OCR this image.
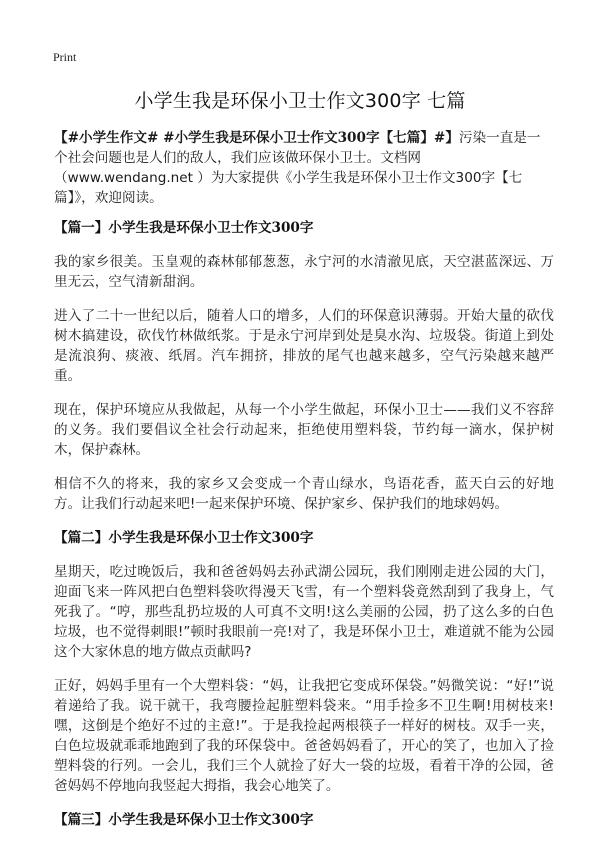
Print
小学生我是环保小卫士作文300字 七篇

【#小学生作文# #小学生我是环保小卫士作文300字【七篇】#】污染一直是一个社会问题也是人们的敌人，我们应该做环保小卫士。文档网（www.wendang.net ）为大家提供《小学生我是环保小卫士作文300字【七篇】》，欢迎阅读。

【篇一】小学生我是环保小卫士作文300字

我的家乡很美。玉皇观的森林郁郁葱葱，永宁河的水清澈见底，天空湛蓝深远、万里无云，空气清新甜润。

进入了二十一世纪以后，随着人口的增多，人们的环保意识薄弱。开始大量的砍伐树木搞建设，砍伐竹林做纸浆。于是永宁河岸到处是臭水沟、垃圾袋。街道上到处是流浪狗、痰液、纸屑。汽车拥挤，排放的尾气也越来越多，空气污染越来越严重。

现在，保护环境应从我做起，从每一个小学生做起，环保小卫士——我们义不容辞的义务。我们要倡议全社会行动起来，拒绝使用塑料袋，节约每一滴水，保护树木，保护森林。

相信不久的将来，我的家乡又会变成一个青山绿水，鸟语花香，蓝天白云的好地方。让我们行动起来吧!一起来保护环境、保护家乡、保护我们的地球妈妈。

【篇二】小学生我是环保小卫士作文300字

星期天，吃过晚饭后，我和爸爸妈妈去孙武湖公园玩，我们刚刚走进公园的大门，迎面飞来一阵风把白色塑料袋吹得漫天飞雪，有一个塑料袋竟然刮到了我身上，气死我了。“哼，那些乱扔垃圾的人可真不文明!这么美丽的公园，扔了这么多的白色垃圾，也不觉得刺眼!”顿时我眼前一亮!对了，我是环保小卫士，难道就不能为公园这个大家休息的地方做点贡献吗?

正好，妈妈手里有一个大塑料袋：“妈，让我把它变成环保袋。”妈微笑说：“好!”说着递给了我。说干就干，我弯腰捡起脏塑料袋来。“用手捡多不卫生啊!用树枝来!嘿，这倒是个绝好不过的主意!”。于是我捡起两根筷子一样好的树枝。双手一夹，白色垃圾就乖乖地跑到了我的环保袋中。爸爸妈妈看了，开心的笑了，也加入了捡塑料袋的行列。一会儿，我们三个人就捡了好大一袋的垃圾，看着干净的公园，爸爸妈妈不停地向我竖起大拇指，我会心地笑了。

【篇三】小学生我是环保小卫士作文300字
